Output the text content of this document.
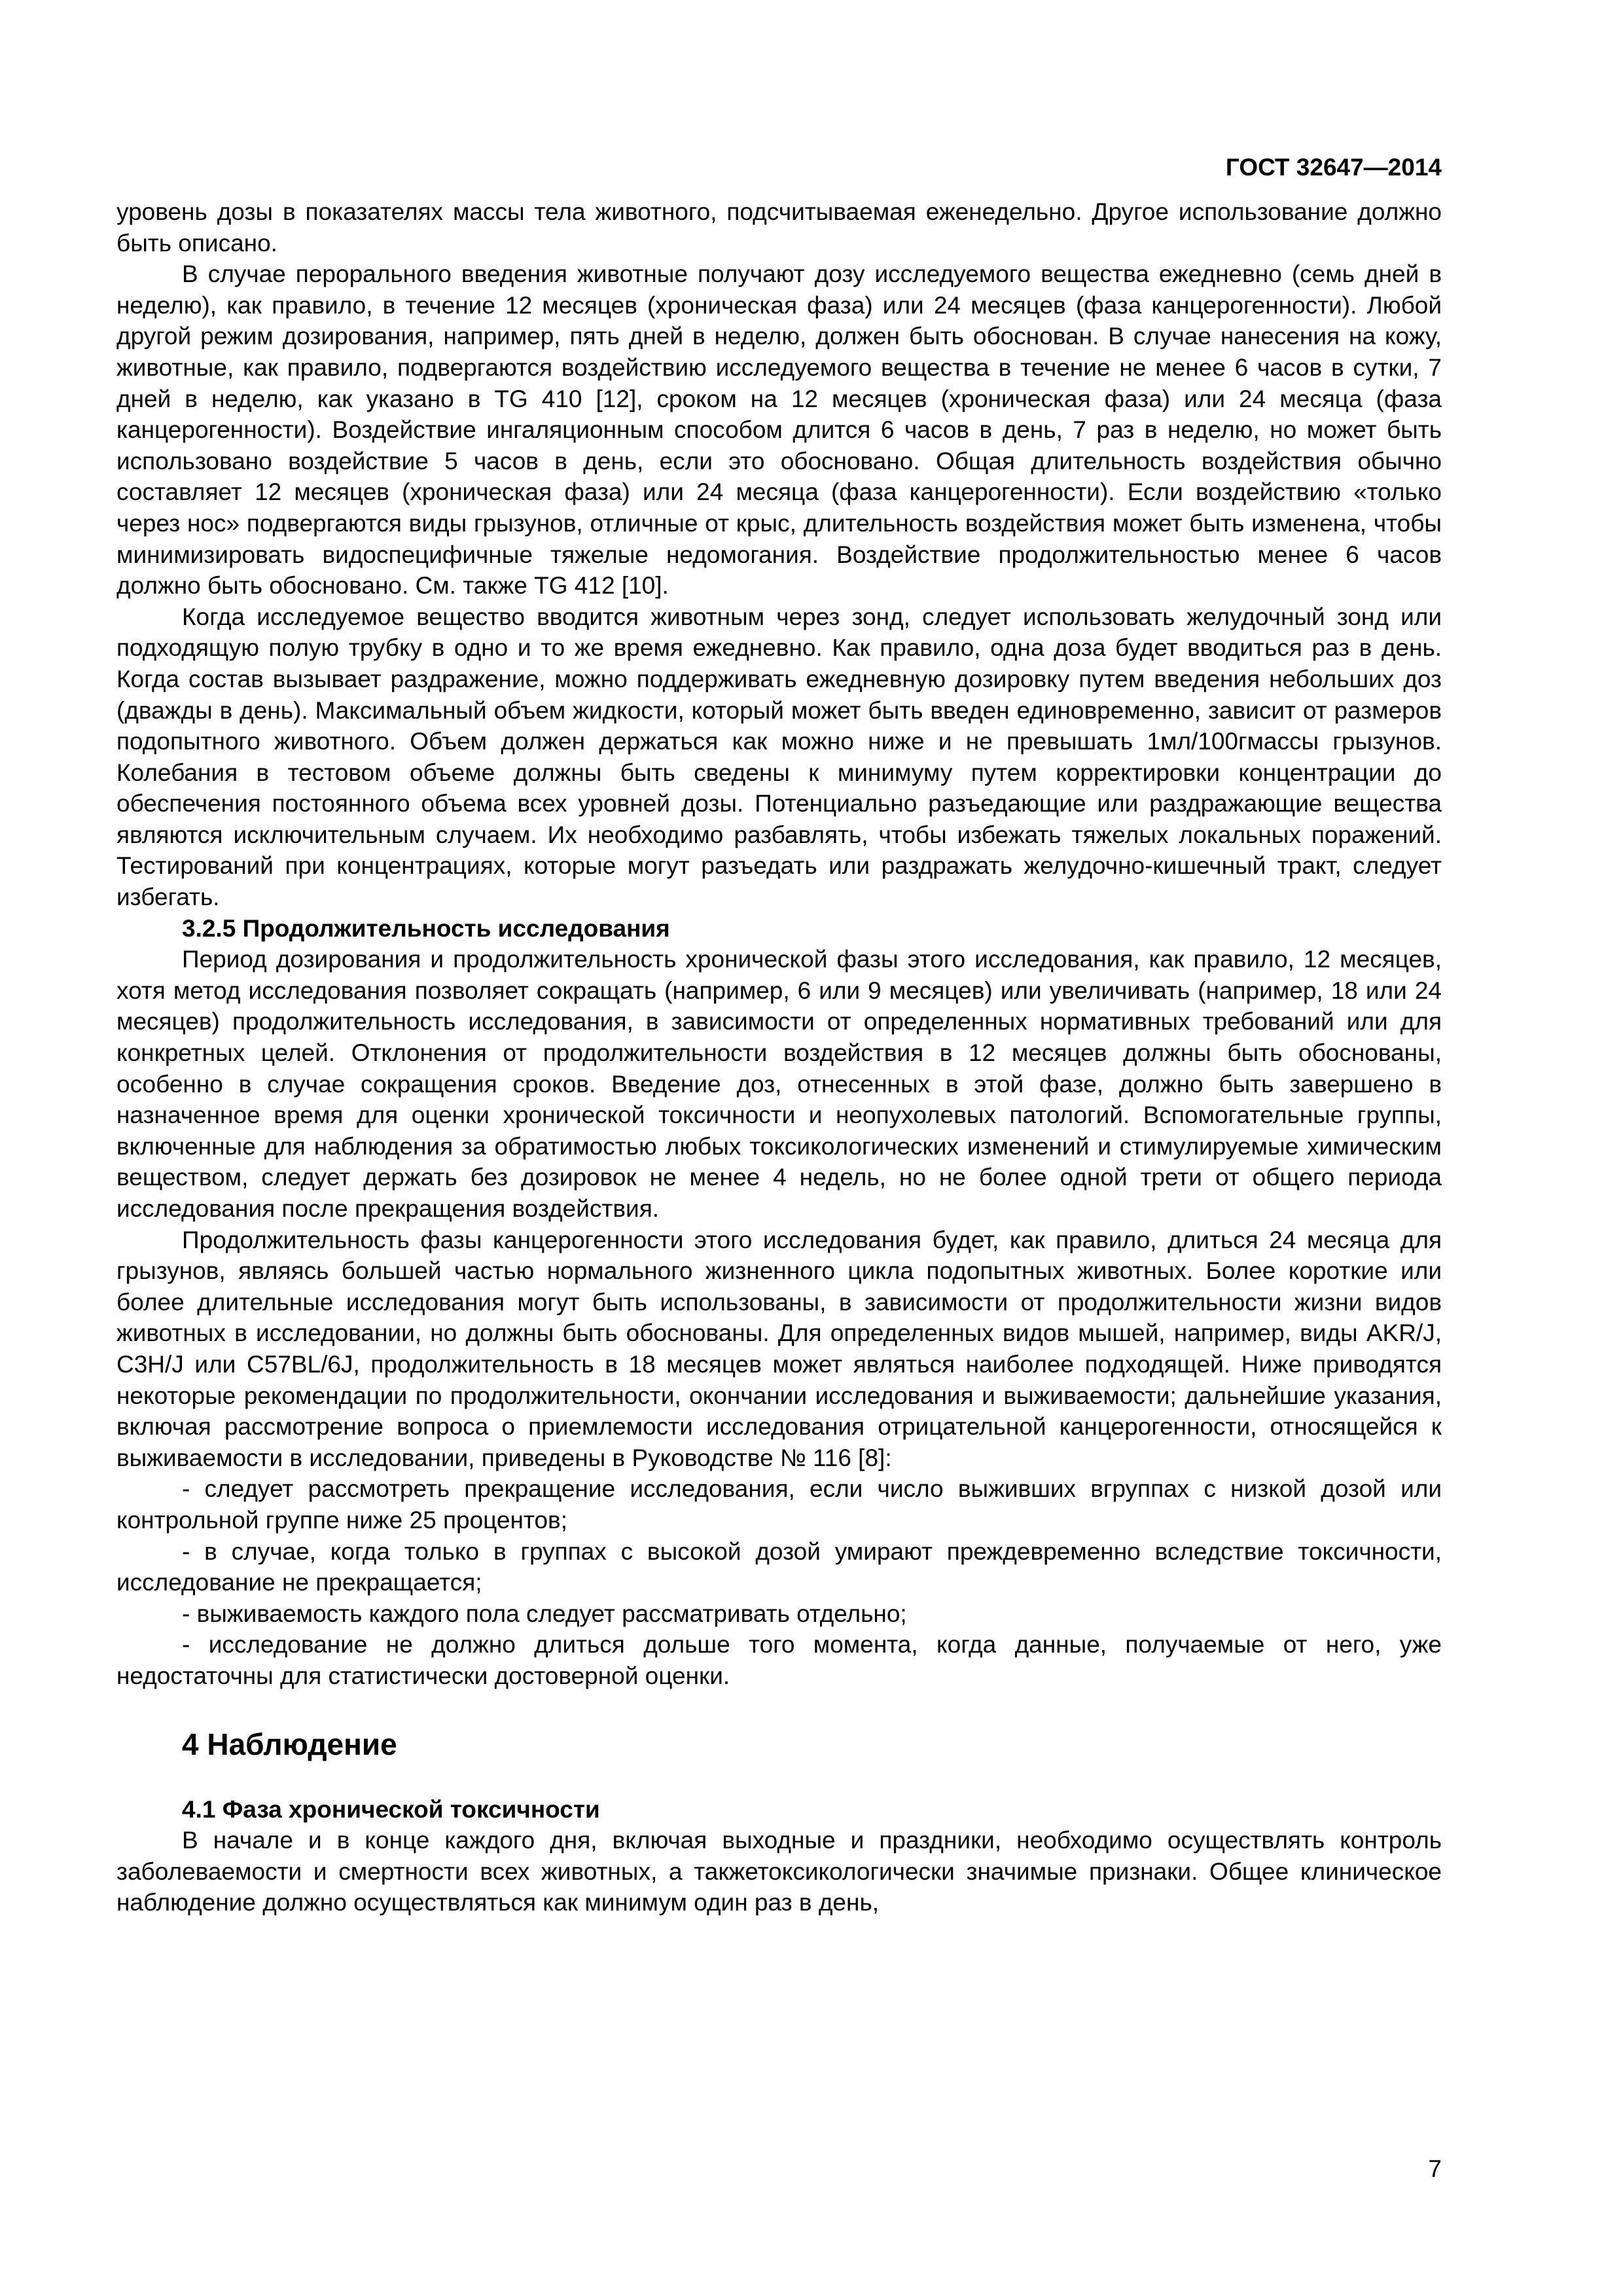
ГОСТ 32647—2014

уровень дозы в показателях массы тела животного, подсчитываемая еженедельно. Другое использование должно быть описано.

В случае перорального введения животные получают дозу исследуемого вещества ежедневно (семь дней в неделю), как правило, в течение 12 месяцев (хроническая фаза) или 24 месяцев (фаза канцерогенности). Любой другой режим дозирования, например, пять дней в неделю, должен быть обоснован. В случае нанесения на кожу, животные, как правило, подвергаются воздействию исследуемого вещества в течение не менее 6 часов в сутки, 7 дней в неделю, как указано в TG 410 [12], сроком на 12 месяцев (хроническая фаза) или 24 месяца (фаза канцерогенности). Воздействие ингаляционным способом длится 6 часов в день, 7 раз в неделю, но может быть использовано воздействие 5 часов в день, если это обосновано. Общая длительность воздействия обычно составляет 12 месяцев (хроническая фаза) или 24 месяца (фаза канцерогенности). Если воздействию «только через нос» подвергаются виды грызунов, отличные от крыс, длительность воздействия может быть изменена, чтобы минимизировать видоспецифичные тяжелые недомогания. Воздействие продолжительностью менее 6 часов должно быть обосновано. См. также TG 412 [10].

Когда исследуемое вещество вводится животным через зонд, следует использовать желудочный зонд или подходящую полую трубку в одно и то же время ежедневно. Как правило, одна доза будет вводиться раз в день. Когда состав вызывает раздражение, можно поддерживать ежедневную дозировку путем введения небольших доз (дважды в день). Максимальный объем жидкости, который может быть введен единовременно, зависит от размеров подопытного животного. Объем должен держаться как можно ниже и не превышать 1мл/100гмассы грызунов. Колебания в тестовом объеме должны быть сведены к минимуму путем корректировки концентрации до обеспечения постоянного объема всех уровней дозы. Потенциально разъедающие или раздражающие вещества являются исключительным случаем. Их необходимо разбавлять, чтобы избежать тяжелых локальных поражений. Тестирований при концентрациях, которые могут разъедать или раздражать желудочно-кишечный тракт, следует избегать.

3.2.5 Продолжительность исследования

Период дозирования и продолжительность хронической фазы этого исследования, как правило, 12 месяцев, хотя метод исследования позволяет сокращать (например, 6 или 9 месяцев) или увеличивать (например, 18 или 24 месяцев) продолжительность исследования, в зависимости от определенных нормативных требований или для конкретных целей. Отклонения от продолжительности воздействия в 12 месяцев должны быть обоснованы, особенно в случае сокращения сроков. Введение доз, отнесенных в этой фазе, должно быть завершено в назначенное время для оценки хронической токсичности и неопухолевых патологий. Вспомогательные группы, включенные для наблюдения за обратимостью любых токсикологических изменений и стимулируемые химическим веществом, следует держать без дозировок не менее 4 недель, но не более одной трети от общего периода исследования после прекращения воздействия.

Продолжительность фазы канцерогенности этого исследования будет, как правило, длиться 24 месяца для грызунов, являясь большей частью нормального жизненного цикла подопытных животных. Более короткие или более длительные исследования могут быть использованы, в зависимости от продолжительности жизни видов животных в исследовании, но должны быть обоснованы. Для определенных видов мышей, например, виды AKR/J, C3H/J или C57BL/6J, продолжительность в 18 месяцев может являться наиболее подходящей. Ниже приводятся некоторые рекомендации по продолжительности, окончании исследования и выживаемости; дальнейшие указания, включая рассмотрение вопроса о приемлемости исследования отрицательной канцерогенности, относящейся к выживаемости в исследовании, приведены в Руководстве № 116 [8]:

- следует рассмотреть прекращение исследования, если число выживших вгруппах с низкой дозой или контрольной группе ниже 25 процентов;

- в случае, когда только в группах с высокой дозой умирают преждевременно вследствие токсичности, исследование не прекращается;

- выживаемость каждого пола следует рассматривать отдельно;

- исследование не должно длиться дольше того момента, когда данные, получаемые от него, уже недостаточны для статистически достоверной оценки.

4 Наблюдение

4.1 Фаза хронической токсичности

В начале и в конце каждого дня, включая выходные и праздники, необходимо осуществлять контроль заболеваемости и смертности всех животных, а такжетоксикологически значимые признаки. Общее клиническое наблюдение должно осуществляться как минимум один раз в день,

7
